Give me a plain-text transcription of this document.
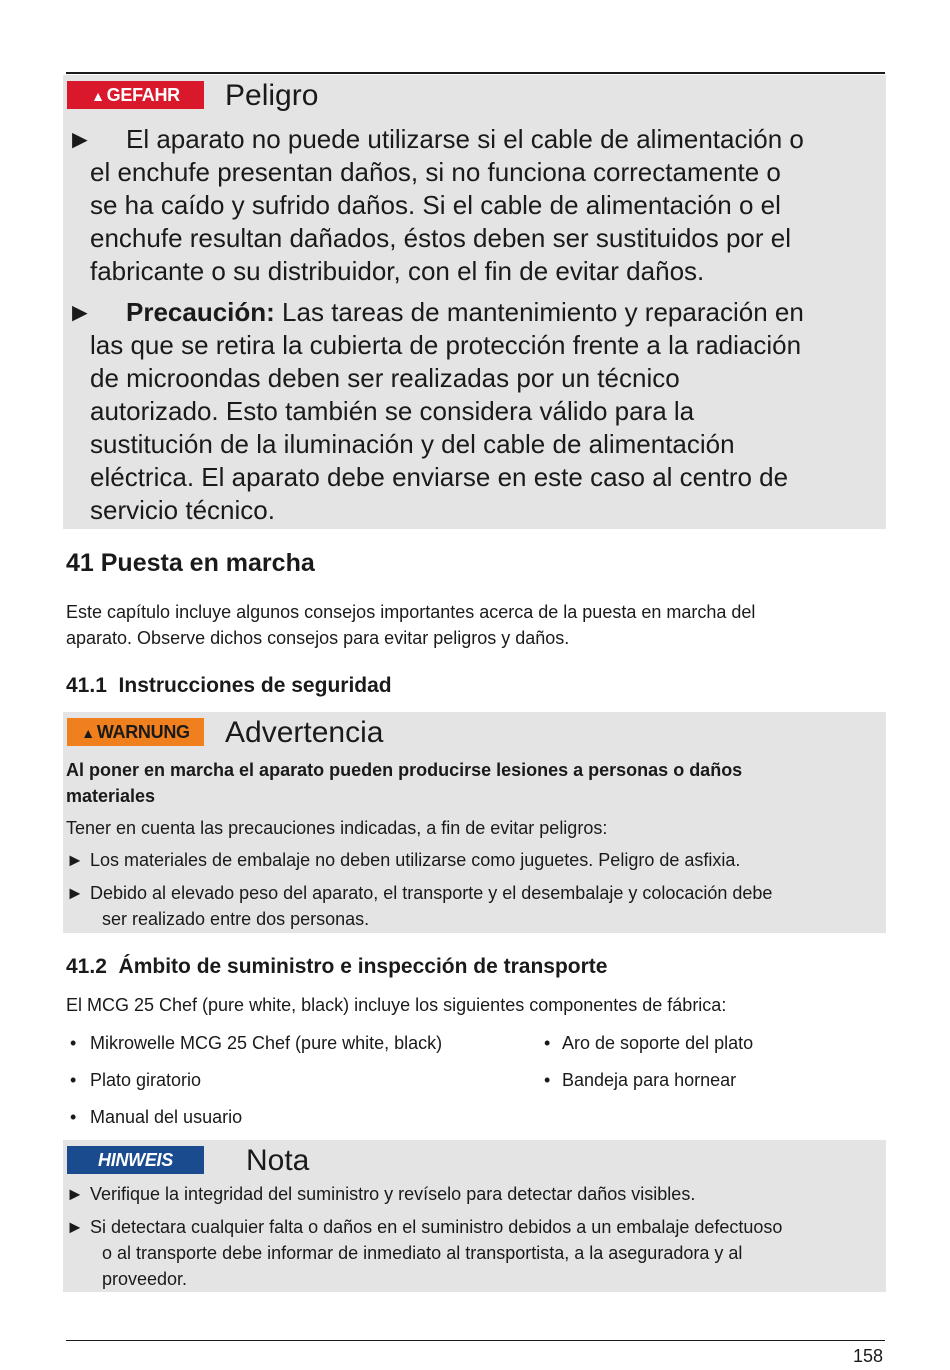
▲ GEFAHR	Peligro
►	El aparato no puede utilizarse si el cable de alimentación o
el enchufe presentan daños, si no funciona correctamente o
se ha caído y sufrido daños. Si el cable de alimentación o el
enchufe resultan dañados, éstos deben ser sustituidos por el
fabricante o su distribuidor, con el fin de evitar daños.
►	Precaución: Las tareas de mantenimiento y reparación en
las que se retira la cubierta de protección frente a la radiación
de microondas deben ser realizadas por un técnico
autorizado. Esto también se considera válido para la
sustitución de la iluminación y del cable de alimentación
eléctrica. El aparato debe enviarse en este caso al centro de
servicio técnico.
41 Puesta en marcha
Este capítulo incluye algunos consejos importantes acerca de la puesta en marcha del
aparato. Observe dichos consejos para evitar peligros y daños.
41.1  Instrucciones de seguridad
▲ WARNUNG	Advertencia
Al poner en marcha el aparato pueden producirse lesiones a personas o daños
materiales
Tener en cuenta las precauciones indicadas, a fin de evitar peligros:
► Los materiales de embalaje no deben utilizarse como juguetes. Peligro de asfixia.
► Debido al elevado peso del aparato, el transporte y el desembalaje y colocación debe
ser realizado entre dos personas.
41.2  Ámbito de suministro e inspección de transporte
El MCG 25 Chef (pure white, black) incluye los siguientes componentes de fábrica:
• Mikrowelle MCG 25 Chef (pure white, black)
• Plato giratorio
• Manual del usuario
• Aro de soporte del plato
• Bandeja para hornear
HINWEIS	Nota
► Verifique la integridad del suministro y revíselo para detectar daños visibles.
► Si detectara cualquier falta o daños en el suministro debidos a un embalaje defectuoso
o al transporte debe informar de inmediato al transportista, a la aseguradora y al
proveedor.
158
